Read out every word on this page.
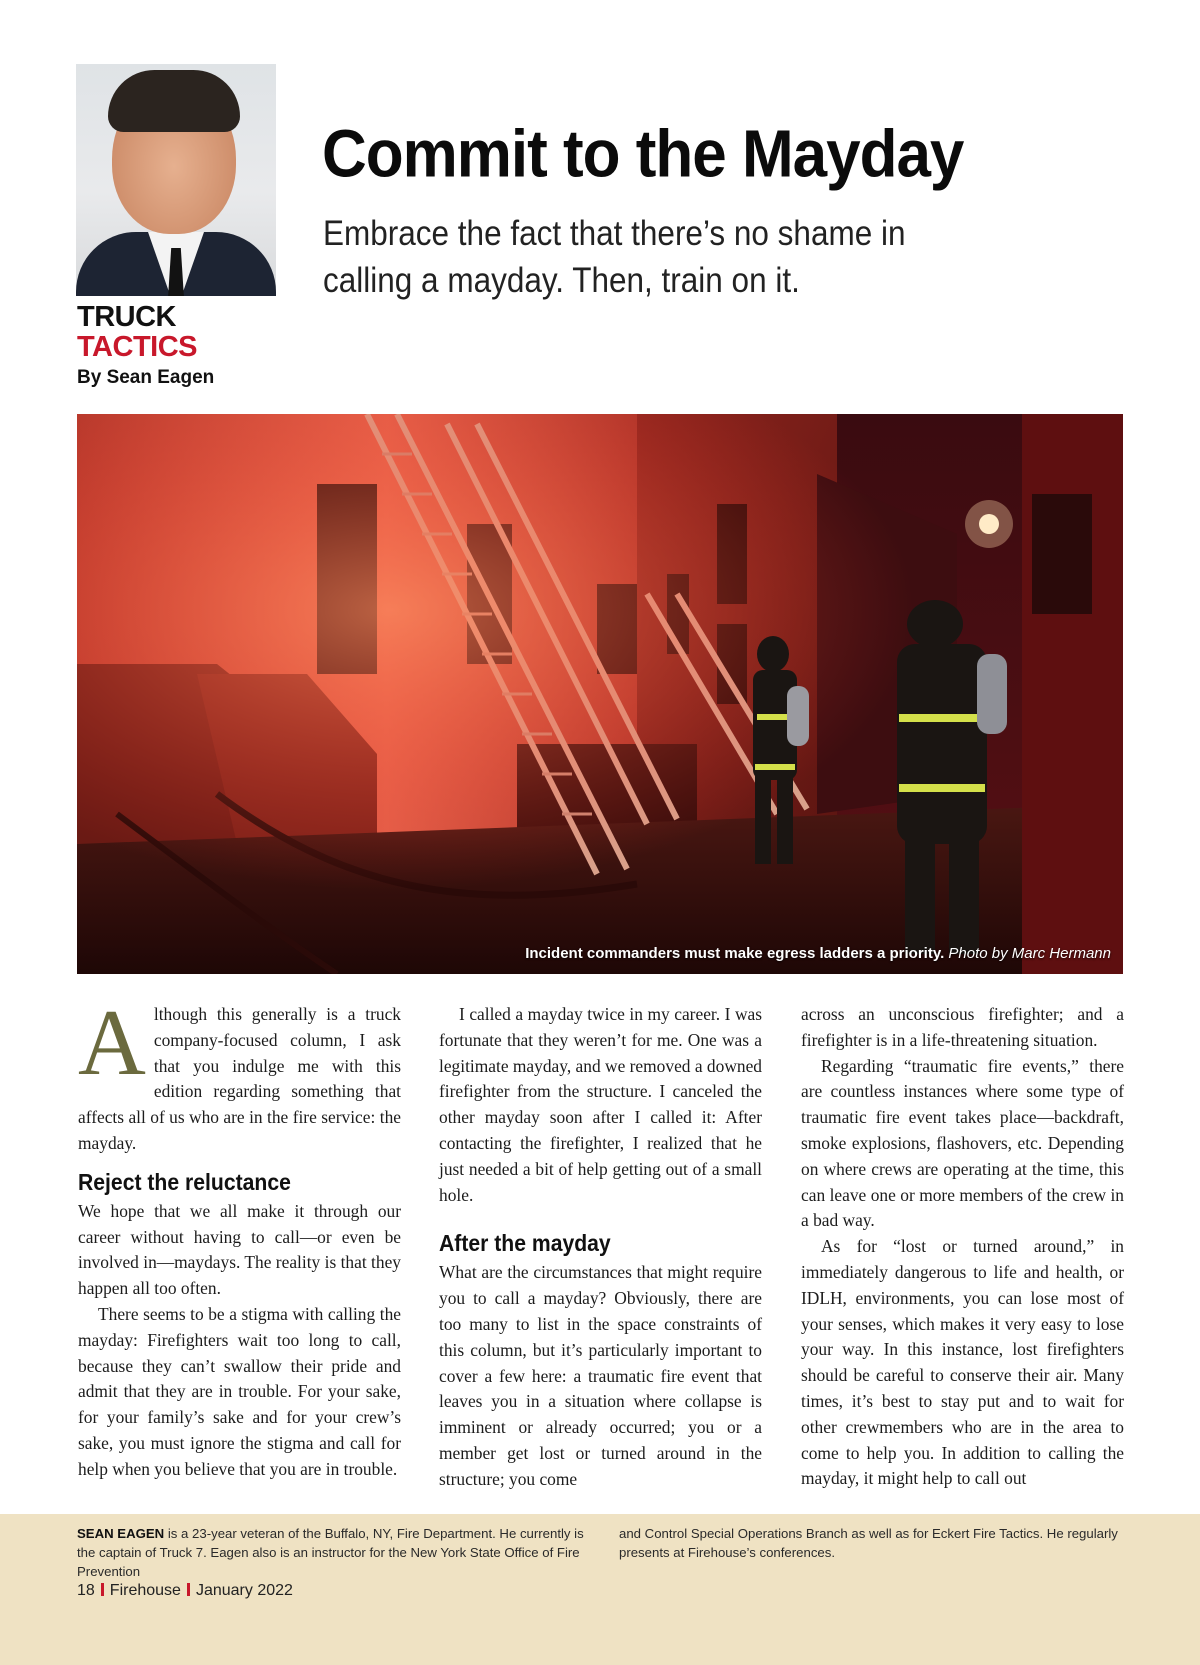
TRUCK
TACTICS
By Sean Eagen
Commit to the Mayday
Embrace the fact that there’s no shame in calling a mayday. Then, train on it.
Incident commanders must make egress ladders a priority. Photo by Marc Hermann

Although this generally is a truck company-focused column, I ask that you indulge me with this edition regarding something that affects all of us who are in the fire service: the mayday.

Reject the reluctance

We hope that we all make it through our career without having to call—or even be involved in—maydays. The reality is that they happen all too often.

There seems to be a stigma with calling the mayday: Firefighters wait too long to call, because they can’t swallow their pride and admit that they are in trouble. For your sake, for your family’s sake and for your crew’s sake, you must ignore the stigma and call for help when you believe that you are in trouble.

I called a mayday twice in my career. I was fortunate that they weren’t for me. One was a legitimate mayday, and we removed a downed firefighter from the structure. I canceled the other mayday soon after I called it: After contacting the firefighter, I realized that he just needed a bit of help getting out of a small hole.

After the mayday

What are the circumstances that might require you to call a mayday? Obviously, there are too many to list in the space constraints of this column, but it’s particularly important to cover a few here: a traumatic fire event that leaves you in a situation where collapse is imminent or already occurred; you or a member get lost or turned around in the structure; you come

across an unconscious firefighter; and a firefighter is in a life-threatening situation.

Regarding “traumatic fire events,” there are countless instances where some type of traumatic fire event takes place—backdraft, smoke explosions, flashovers, etc. Depending on where crews are operating at the time, this can leave one or more members of the crew in a bad way.

As for “lost or turned around,” in immediately dangerous to life and health, or IDLH, environments, you can lose most of your senses, which makes it very easy to lose your way. In this instance, lost firefighters should be careful to conserve their air. Many times, it’s best to stay put and to wait for other crewmembers who are in the area to come to help you. In addition to calling the mayday, it might help to call out

SEAN EAGEN is a 23-year veteran of the Buffalo, NY, Fire Department. He currently is the captain of Truck 7. Eagen also is an instructor for the New York State Office of Fire Prevention
and Control Special Operations Branch as well as for Eckert Fire Tactics. He regularly presents at Firehouse’s conferences.
18 Firehouse January 2022
